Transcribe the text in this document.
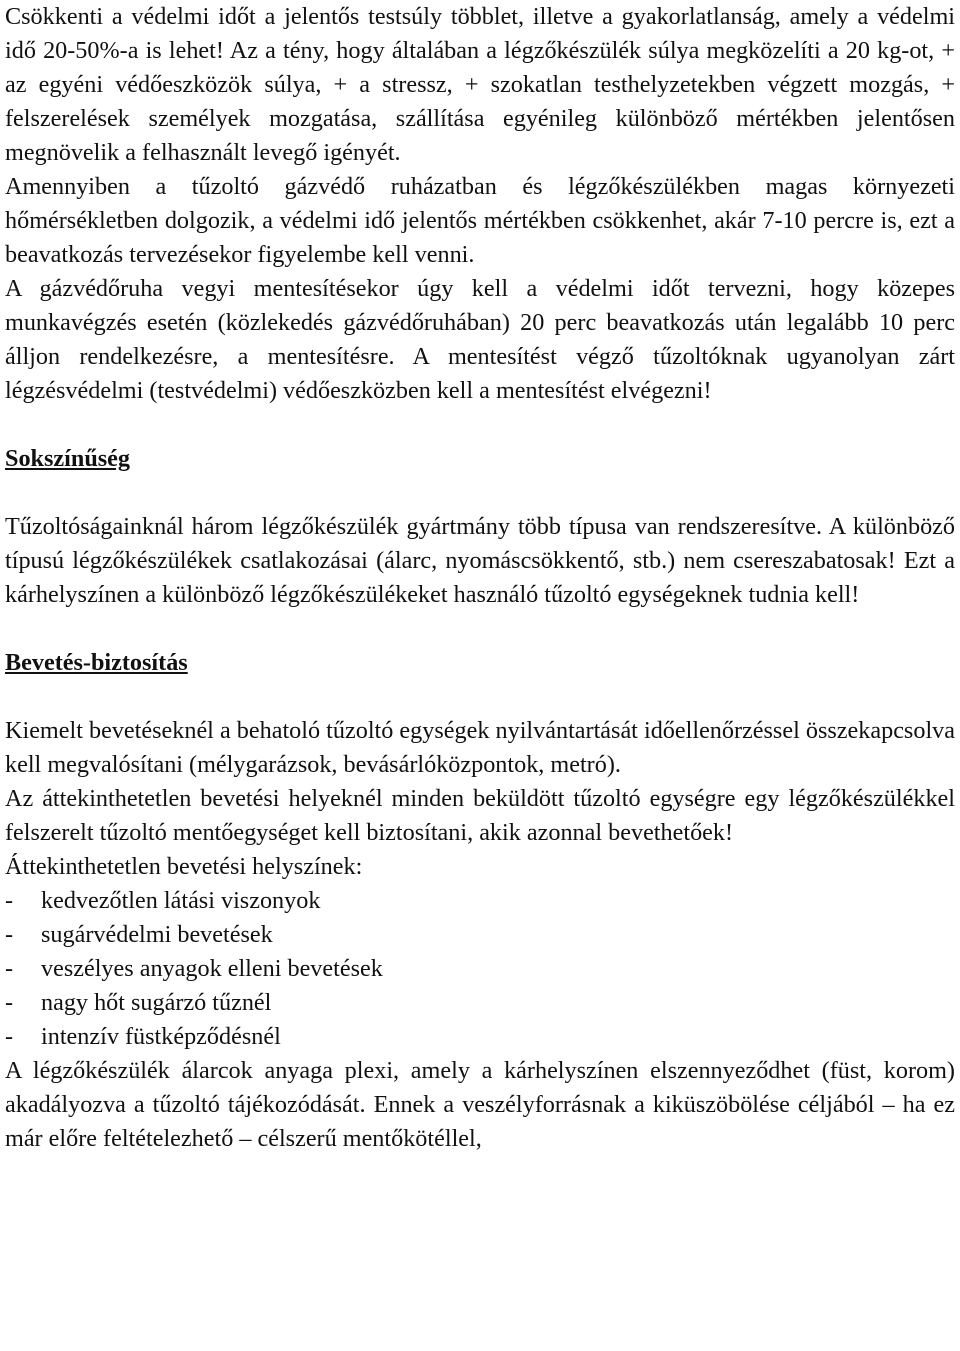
Csökkenti a védelmi időt a jelentős testsúly többlet, illetve a gyakorlatlanság, amely a védelmi idő 20-50%-a is lehet! Az a tény, hogy általában a légzőkészülék súlya megközelíti a 20 kg-ot, + az egyéni védőeszközök súlya, + a stressz, + szokatlan testhelyzetekben végzett mozgás, + felszerelések személyek mozgatása, szállítása egyénileg különböző mértékben jelentősen megnövelik a felhasznált levegő igényét.

Amennyiben a tűzoltó gázvédő ruházatban és légzőkészülékben magas környezeti hőmérsékletben dolgozik, a védelmi idő jelentős mértékben csökkenhet, akár 7-10 percre is, ezt a beavatkozás tervezésekor figyelembe kell venni.

A gázvédőruha vegyi mentesítésekor úgy kell a védelmi időt tervezni, hogy közepes munkavégzés esetén (közlekedés gázvédőruhában) 20 perc beavatkozás után legalább 10 perc álljon rendelkezésre, a mentesítésre. A mentesítést végző tűzoltóknak ugyanolyan zárt légzésvédelmi (testvédelmi) védőeszközben kell a mentesítést elvégezni!

Sokszínűség

Tűzoltóságainknál három légzőkészülék gyártmány több típusa van rendszeresítve. A különböző típusú légzőkészülékek csatlakozásai (álarc, nyomáscsökkentő, stb.) nem csereszabatosak! Ezt a kárhelyszínen a különböző légzőkészülékeket használó tűzoltó egységeknek tudnia kell!

Bevetés-biztosítás

Kiemelt bevetéseknél a behatoló tűzoltó egységek nyilvántartását időellenőrzéssel összekapcsolva kell megvalósítani (mélygarázsok, bevásárlóközpontok, metró).

Az áttekinthetetlen bevetési helyeknél minden beküldött tűzoltó egységre egy légzőkészülékkel felszerelt tűzoltó mentőegységet kell biztosítani, akik azonnal bevethetőek!

Áttekinthetetlen bevetési helyszínek:

-	kedvezőtlen látási viszonyok
-	sugárvédelmi bevetések
-	veszélyes anyagok elleni bevetések
-	nagy hőt sugárzó tűznél
-	intenzív füstképződésnél

A légzőkészülék álarcok anyaga plexi, amely a kárhelyszínen elszennyeződhet (füst, korom) akadályozva a tűzoltó tájékozódását. Ennek a veszélyforrásnak a kiküszöbölése céljából – ha ez már előre feltételezhető – célszerű mentőkötéllel,
